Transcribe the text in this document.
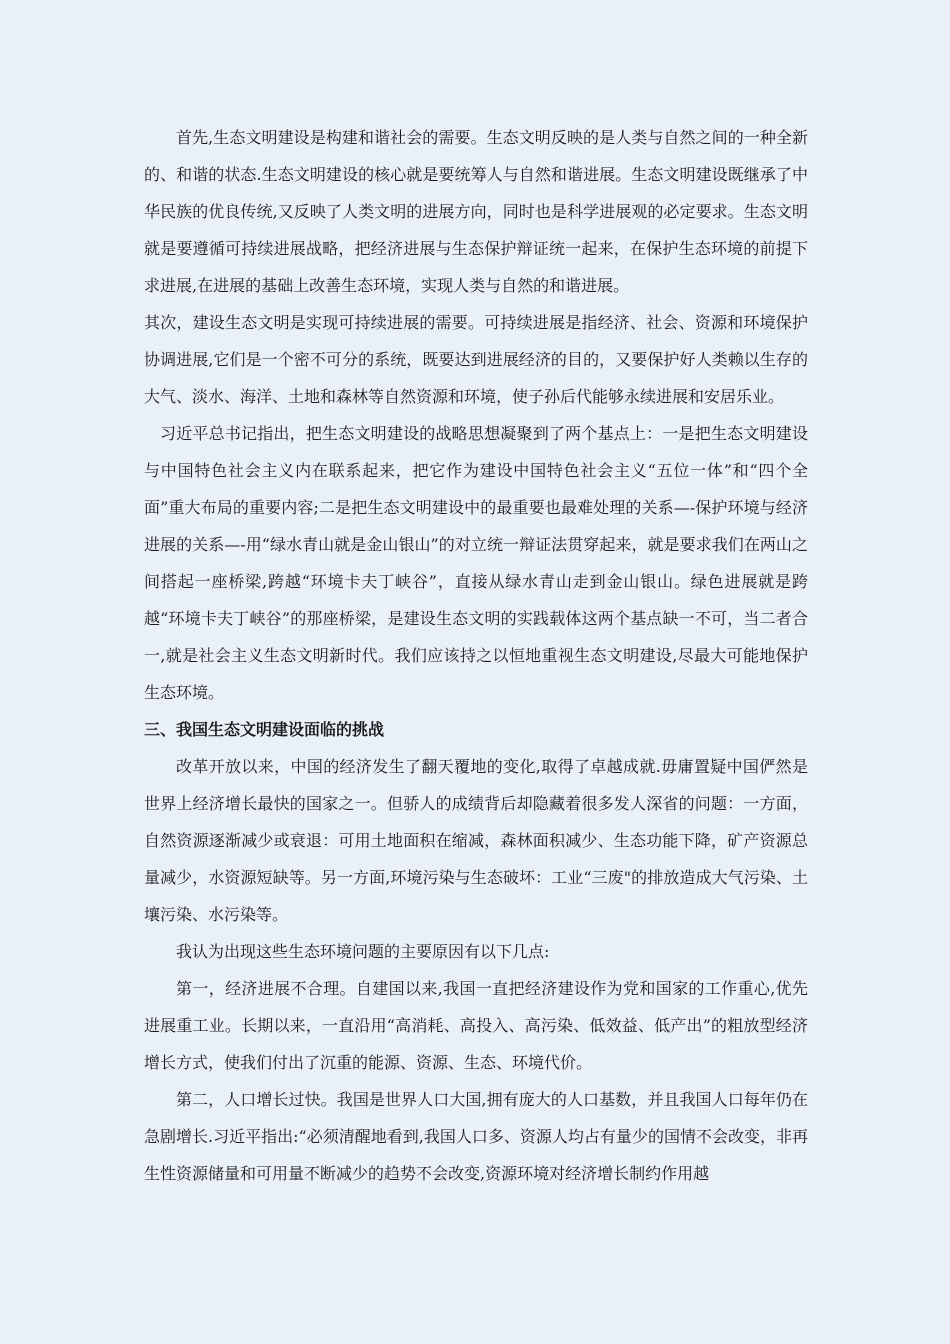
首先,生态文明建设是构建和谐社会的需要。生态文明反映的是人类与自然之间的一种全新的、和谐的状态.生态文明建设的核心就是要统筹人与自然和谐进展。生态文明建设既继承了中华民族的优良传统,又反映了人类文明的进展方向，同时也是科学进展观的必定要求。生态文明就是要遵循可持续进展战略，把经济进展与生态保护辩证统一起来，在保护生态环境的前提下求进展,在进展的基础上改善生态环境，实现人类与自然的和谐进展。

其次，建设生态文明是实现可持续进展的需要。可持续进展是指经济、社会、资源和环境保护协调进展,它们是一个密不可分的系统，既要达到进展经济的目的，又要保护好人类赖以生存的大气、淡水、海洋、土地和森林等自然资源和环境，使子孙后代能够永续进展和安居乐业。

习近平总书记指出，把生态文明建设的战略思想凝聚到了两个基点上：一是把生态文明建设与中国特色社会主义内在联系起来，把它作为建设中国特色社会主义“五位一体”和“四个全面”重大布局的重要内容;二是把生态文明建设中的最重要也最难处理的关系—-保护环境与经济进展的关系—-用“绿水青山就是金山银山”的对立统一辩证法贯穿起来，就是要求我们在两山之间搭起一座桥梁,跨越“环境卡夫丁峡谷”，直接从绿水青山走到金山银山。绿色进展就是跨越“环境卡夫丁峡谷”的那座桥梁，是建设生态文明的实践载体这两个基点缺一不可，当二者合一,就是社会主义生态文明新时代。我们应该持之以恒地重视生态文明建设,尽最大可能地保护生态环境。

三、我国生态文明建设面临的挑战

改革开放以来，中国的经济发生了翻天覆地的变化,取得了卓越成就.毋庸置疑中国俨然是世界上经济增长最快的国家之一。但骄人的成绩背后却隐藏着很多发人深省的问题：一方面，自然资源逐渐减少或衰退：可用土地面积在缩减，森林面积减少、生态功能下降，矿产资源总量减少，水资源短缺等。另一方面,环境污染与生态破坏：工业“三废"的排放造成大气污染、土壤污染、水污染等。

我认为出现这些生态环境问题的主要原因有以下几点:

第一，经济进展不合理。自建国以来,我国一直把经济建设作为党和国家的工作重心,优先进展重工业。长期以来，一直沿用“高消耗、高投入、高污染、低效益、低产出”的粗放型经济增长方式，使我们付出了沉重的能源、资源、生态、环境代价。

第二，人口增长过快。我国是世界人口大国,拥有庞大的人口基数，并且我国人口每年仍在急剧增长.习近平指出:“必须清醒地看到,我国人口多、资源人均占有量少的国情不会改变，非再生性资源储量和可用量不断减少的趋势不会改变,资源环境对经济增长制约作用越
